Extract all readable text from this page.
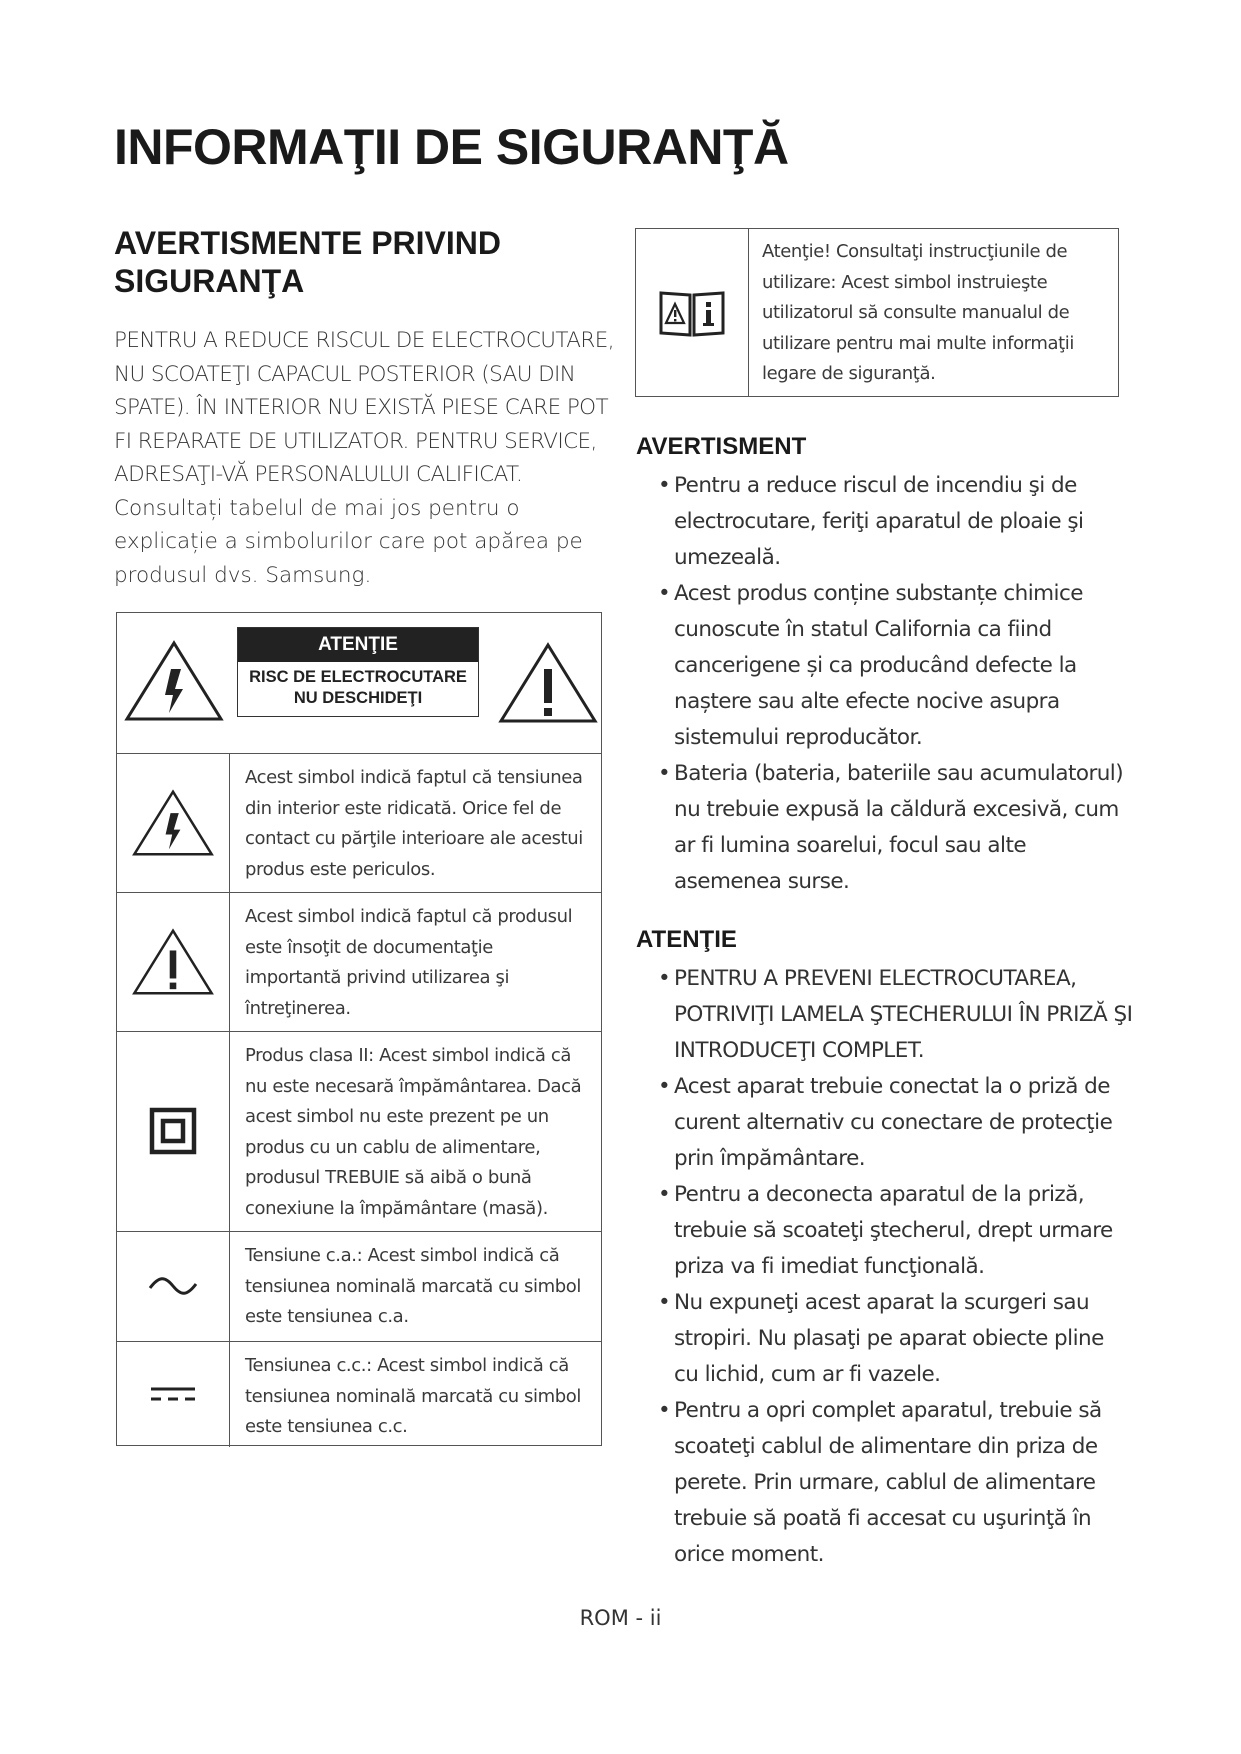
INFORMAŢII DE SIGURANŢĂ
AVERTISMENTE PRIVIND SIGURANŢA

PENTRU A REDUCE RISCUL DE ELECTROCUTARE, NU SCOATEŢI CAPACUL POSTERIOR (SAU DIN SPATE). ÎN INTERIOR NU EXISTĂ PIESE CARE POT FI REPARATE DE UTILIZATOR. PENTRU SERVICE, ADRESAŢI-VĂ PERSONALULUI CALIFICAT.

Consultați tabelul de mai jos pentru o explicație a simbolurilor care pot apărea pe produsul dvs. Samsung.

ATENŢIE
RISC DE ELECTROCUTARE
NU DESCHIDEŢI
Acest simbol indică faptul că tensiunea din interior este ridicată. Orice fel de contact cu părţile interioare ale acestui produs este periculos.
Acest simbol indică faptul că produsul este însoţit de documentaţie importantă privind utilizarea şi întreţinerea.
Produs clasa II: Acest simbol indică că nu este necesară împământarea. Dacă acest simbol nu este prezent pe un produs cu un cablu de alimentare, produsul TREBUIE să aibă o bună conexiune la împământare (masă).
Tensiune c.a.: Acest simbol indică că tensiunea nominală marcată cu simbol este tensiunea c.a.
Tensiunea c.c.: Acest simbol indică că tensiunea nominală marcată cu simbol este tensiunea c.c.
Atenţie! Consultaţi instrucţiunile de utilizare: Acest simbol instruieşte utilizatorul să consulte manualul de utilizare pentru mai multe informaţii legare de siguranţă.
AVERTISMENT
• Pentru a reduce riscul de incendiu şi de electrocutare, feriţi aparatul de ploaie şi umezeală.
• Acest produs conține substanțe chimice cunoscute în statul California ca fiind cancerigene și ca producând defecte la naștere sau alte efecte nocive asupra sistemului reproducător.
• Bateria (bateria, bateriile sau acumulatorul) nu trebuie expusă la căldură excesivă, cum ar fi lumina soarelui, focul sau alte asemenea surse.
ATENŢIE
• PENTRU A PREVENI ELECTROCUTAREA, POTRIVIŢI LAMELA ŞTECHERULUI ÎN PRIZĂ ŞI INTRODUCEŢI COMPLET.
• Acest aparat trebuie conectat la o priză de curent alternativ cu conectare de protecţie prin împământare.
• Pentru a deconecta aparatul de la priză, trebuie să scoateţi ştecherul, drept urmare priza va fi imediat funcţională.
• Nu expuneţi acest aparat la scurgeri sau stropiri. Nu plasaţi pe aparat obiecte pline cu lichid, cum ar fi vazele.
• Pentru a opri complet aparatul, trebuie să scoateţi cablul de alimentare din priza de perete. Prin urmare, cablul de alimentare trebuie să poată fi accesat cu uşurinţă în orice moment.
ROM - ii
